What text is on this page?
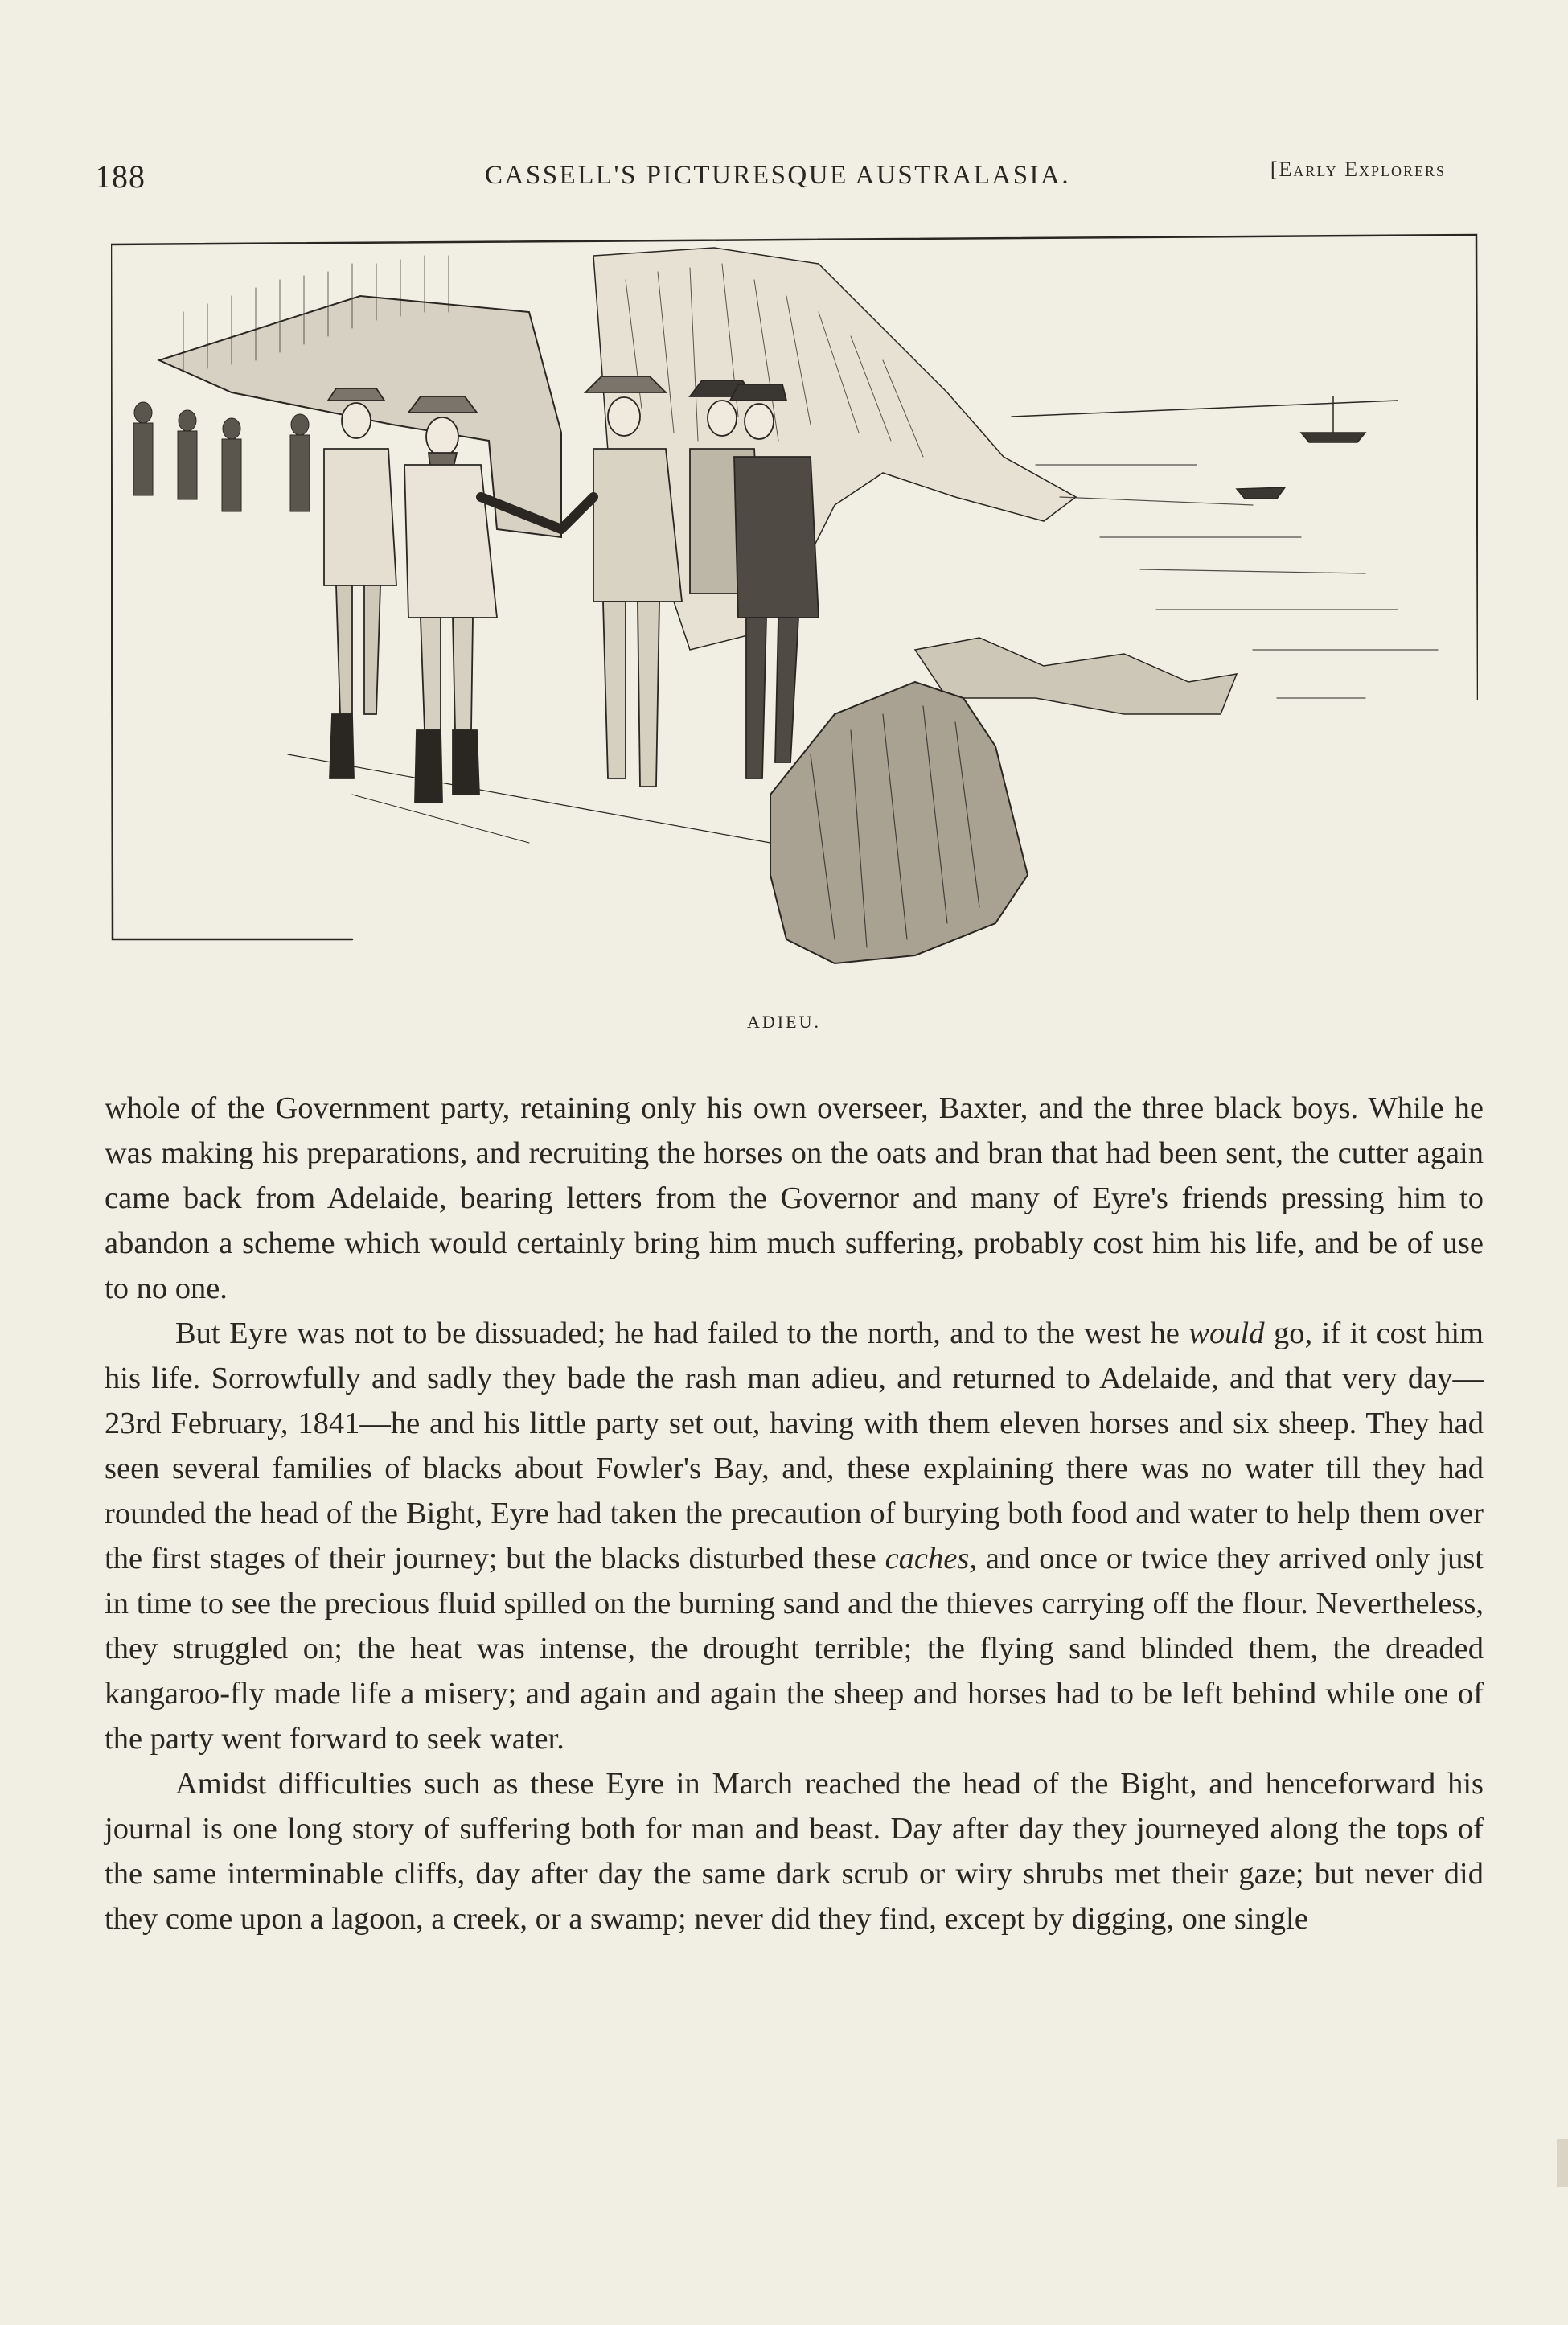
188	CASSELL'S PICTURESQUE AUSTRALASIA.	[Early Explorers
ADIEU.

whole of the Government party, retaining only his own overseer, Baxter, and the three black boys. While he was making his preparations, and recruiting the horses on the oats and bran that had been sent, the cutter again came back from Adelaide, bearing letters from the Governor and many of Eyre's friends pressing him to abandon a scheme which would certainly bring him much suffering, probably cost him his life, and be of use to no one.

But Eyre was not to be dissuaded; he had failed to the north, and to the west he would go, if it cost him his life. Sorrowfully and sadly they bade the rash man adieu, and returned to Adelaide, and that very day—23rd February, 1841—he and his little party set out, having with them eleven horses and six sheep. They had seen several families of blacks about Fowler's Bay, and, these explaining there was no water till they had rounded the head of the Bight, Eyre had taken the precaution of burying both food and water to help them over the first stages of their journey; but the blacks disturbed these caches, and once or twice they arrived only just in time to see the precious fluid spilled on the burning sand and the thieves carrying off the flour. Nevertheless, they struggled on; the heat was intense, the drought terrible; the flying sand blinded them, the dreaded kangaroo-fly made life a misery; and again and again the sheep and horses had to be left behind while one of the party went forward to seek water.

Amidst difficulties such as these Eyre in March reached the head of the Bight, and henceforward his journal is one long story of suffering both for man and beast. Day after day they journeyed along the tops of the same interminable cliffs, day after day the same dark scrub or wiry shrubs met their gaze; but never did they come upon a lagoon, a creek, or a swamp; never did they find, except by digging, one single
